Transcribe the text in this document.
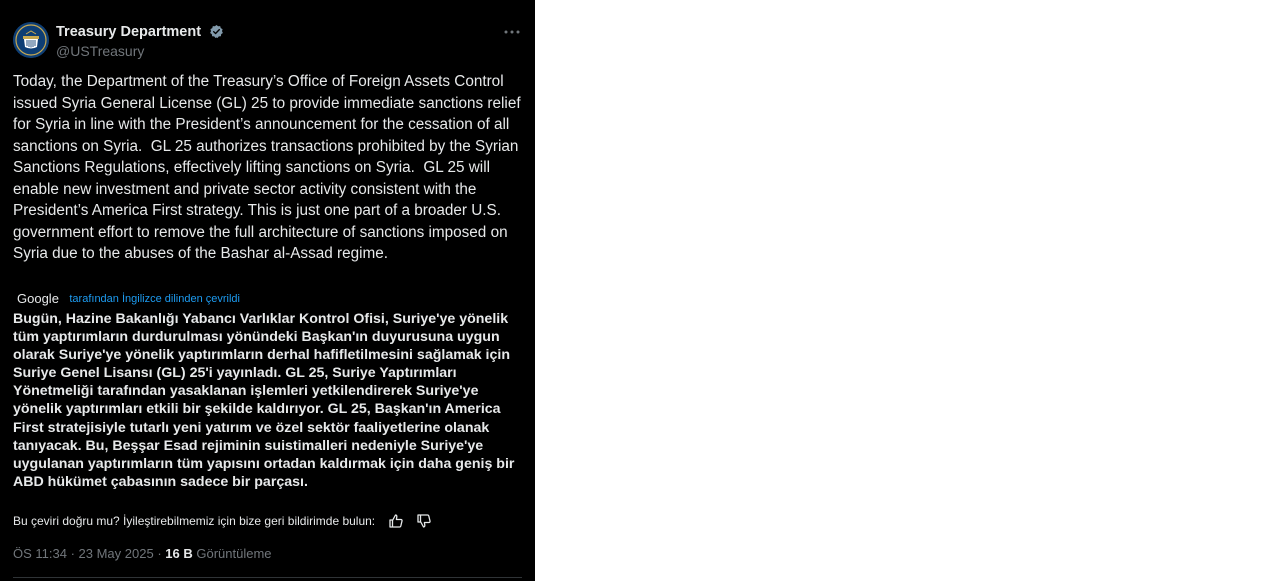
Treasury Department
@USTreasury
Today, the Department of the Treasury’s Office of Foreign Assets Control issued Syria General License (GL) 25 to provide immediate sanctions relief for Syria in line with the President’s announcement for the cessation of all sanctions on Syria.  GL 25 authorizes transactions prohibited by the Syrian Sanctions Regulations, effectively lifting sanctions on Syria.  GL 25 will enable new investment and private sector activity consistent with the President’s America First strategy. This is just one part of a broader U.S. government effort to remove the full architecture of sanctions imposed on Syria due to the abuses of the Bashar al-Assad regime.
Google tarafından İngilizce dilinden çevrildi
Bugün, Hazine Bakanlığı Yabancı Varlıklar Kontrol Ofisi, Suriye'ye yönelik tüm yaptırımların durdurulması yönündeki Başkan'ın duyurusuna uygun olarak Suriye'ye yönelik yaptırımların derhal hafifletilmesini sağlamak için Suriye Genel Lisansı (GL) 25'i yayınladı. GL 25, Suriye Yaptırımları Yönetmeliği tarafından yasaklanan işlemleri yetkilendirerek Suriye'ye yönelik yaptırımları etkili bir şekilde kaldırıyor. GL 25, Başkan'ın America First stratejisiyle tutarlı yeni yatırım ve özel sektör faaliyetlerine olanak tanıyacak. Bu, Beşşar Esad rejiminin suistimalleri nedeniyle Suriye'ye uygulanan yaptırımların tüm yapısını ortadan kaldırmak için daha geniş bir ABD hükümet çabasının sadece bir parçası.
Bu çeviri doğru mu? İyileştirebilmemiz için bize geri bildirimde bulun:
ÖS 11:34 · 23 May 2025 · 16 B Görüntüleme
